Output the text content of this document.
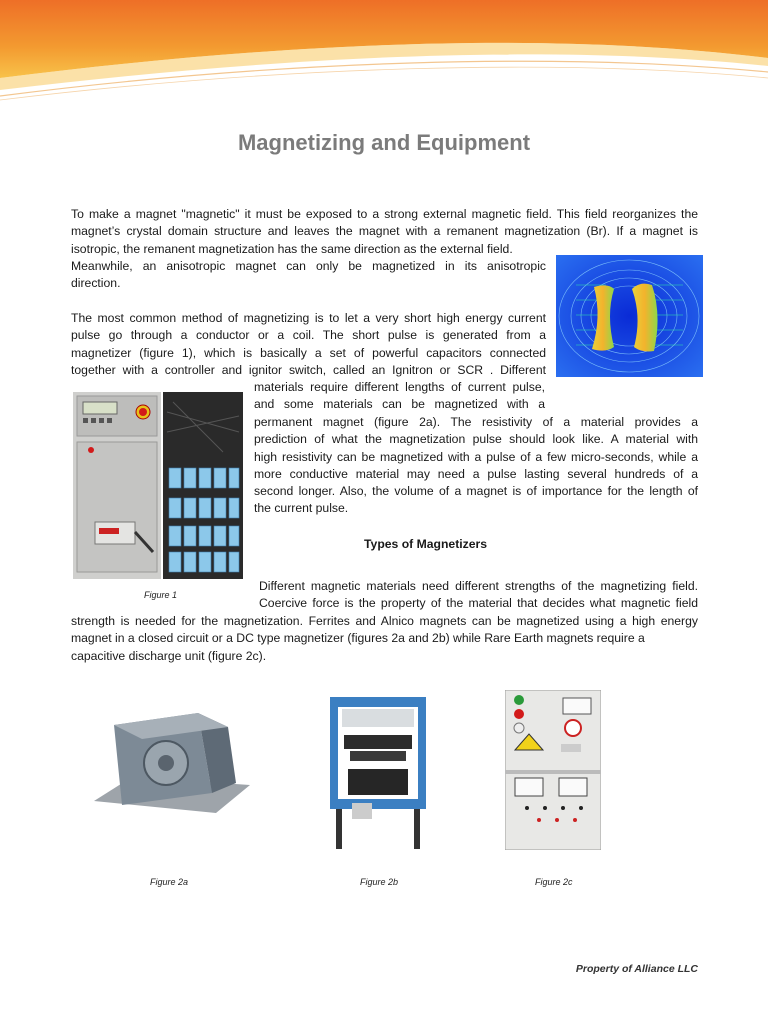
Magnetizing and Equipment
To make a magnet "magnetic" it must be exposed to a strong external magnetic field. This field reorganizes the
magnet’s crystal domain structure and leaves the magnet with a remanent magnetization (Br). If a magnet is
isotropic, the remanent magnetization has the same direction as the external field.
Meanwhile, an anisotropic magnet can only be magnetized in its anisotropic
direction.
The most common method of magnetizing is to let a very short high energy current
pulse go through a conductor or a coil. The short pulse is generated from a
magnetizer (figure 1), which is basically a set of powerful capacitors connected
together with a controller and ignitor switch, called an Ignitron or SCR . Different
materials require different lengths of current pulse,
and some materials can be magnetized with a
permanent magnet (figure 2a). The resistivity of a material provides a
prediction of what the magnetization pulse should look like. A material with
high resistivity can be magnetized with a pulse of a few micro-seconds, while a
more conductive material may need a pulse lasting several hundreds of a
second longer. Also, the volume of a magnet is of importance for the length of
the current pulse.
Types of Magnetizers
Figure 1
Different magnetic materials need different strengths of the magnetizing field.
Coercive force is the property of the material that decides what magnetic field
strength is needed for the magnetization. Ferrites and Alnico magnets can be magnetized using a high energy
magnet in a closed circuit or a DC type magnetizer (figures 2a and 2b) while Rare Earth magnets require a
capacitive discharge unit (figure 2c).
Figure 2a	Figure 2b	Figure 2c
Property of Alliance LLC
